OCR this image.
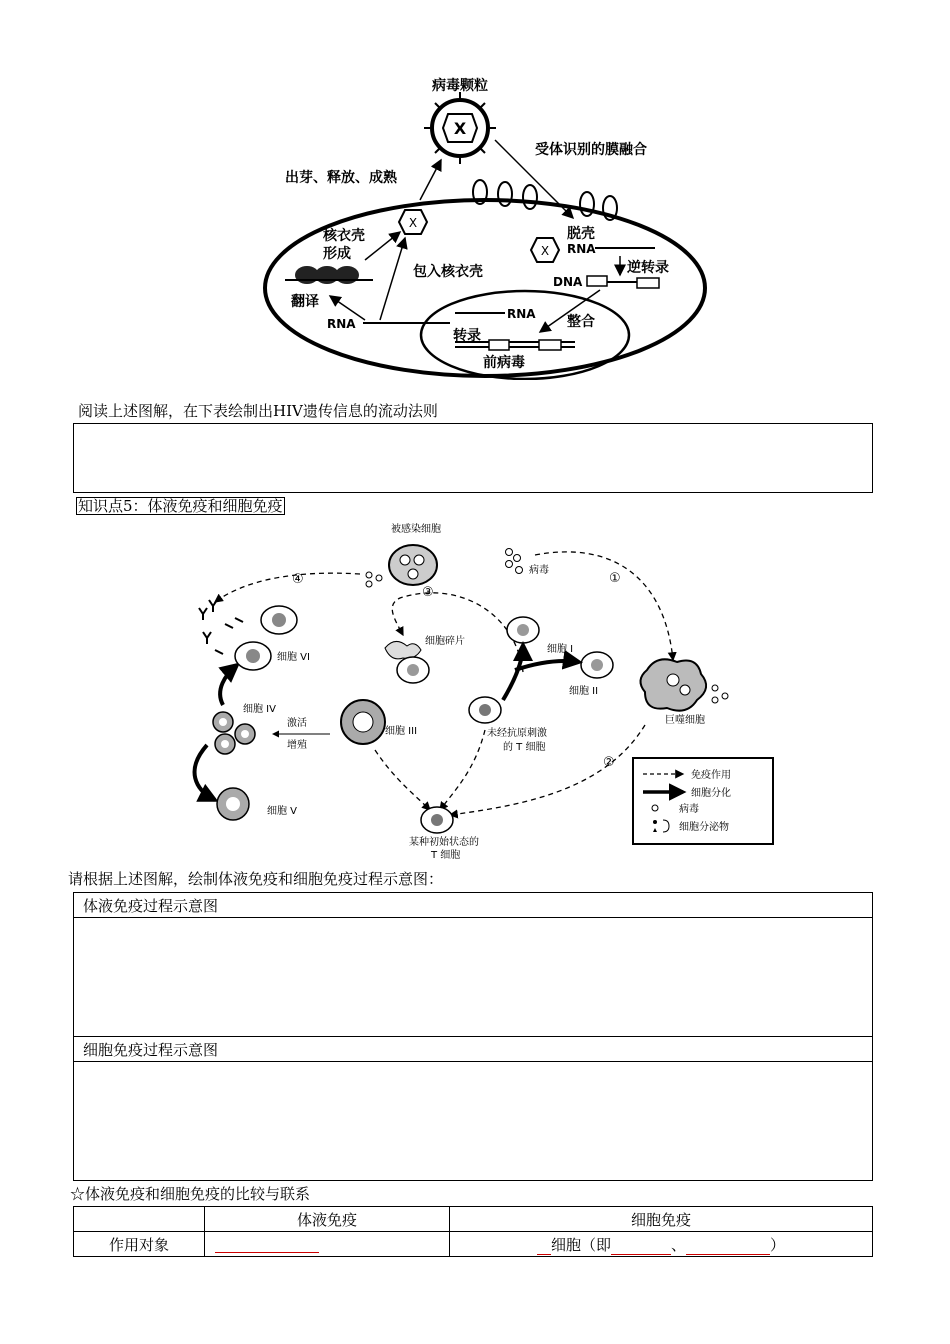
X
病毒颗粒
受体识别的膜融合
出芽、释放、成熟
X
核衣壳
形成	X
脱壳
RNA
逆转录
DNA
翻译
包入核衣壳
RNA
RNA 整合
转录
前病毒
阅读上述图解，在下表绘制出HIV遗传信息的流动法则
知识点5：体液免疫和细胞免疫
被感染细胞
病毒
①
④
③
②
细胞碎片
细胞 I
细胞 II
未经抗原刺激
的 T 细胞
巨噬细胞
某种初始状态的
T 细胞
细胞 III
激活
增殖
细胞 IV
细胞 V
细胞 VI
免疫作用
细胞分化
病毒
细胞分泌物
请根据上述图解，绘制体液免疫和细胞免疫过程示意图：
体液免疫过程示意图
细胞免疫过程示意图
☆体液免疫和细胞免疫的比较与联系
	体液免疫	细胞免疫
作用对象		细胞（即 、 ）
